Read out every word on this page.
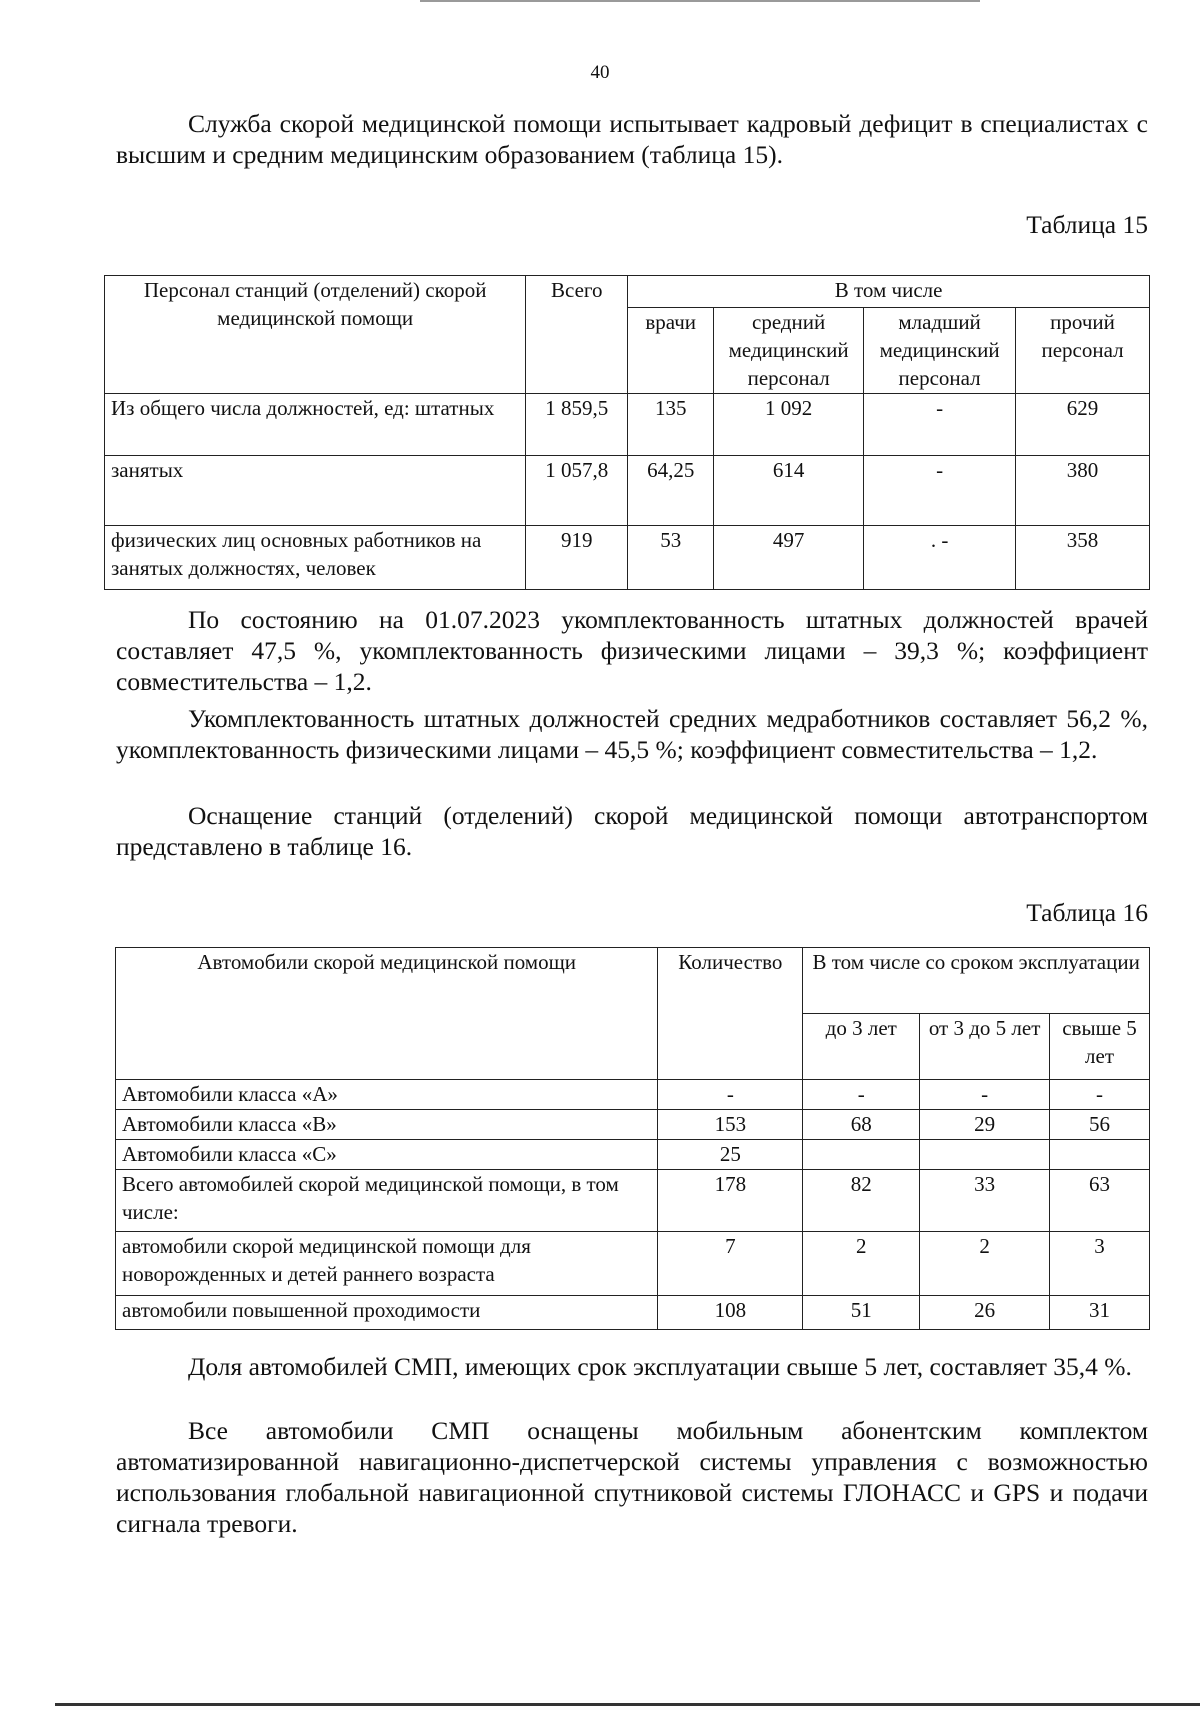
40

Служба скорой медицинской помощи испытывает кадровый дефицит в специалистах с высшим и средним медицинским образованием (таблица 15).

Таблица 15
Персонал станций (отделений) скорой медицинской помощи	Всего	В том числе			
		врачи	средний медицинский персонал	младший медицинский персонал	прочий персонал
Из общего числа должностей, ед: штатных	1 859,5	135	1 092	-	629
занятых	1 057,8	64,25	614	-	380
физических лиц основных работников на занятых должностях, человек	919	53	497	. -	358

По состоянию на 01.07.2023 укомплектованность штатных должностей врачей составляет 47,5 %, укомплектованность физическими лицами – 39,3 %; коэффициент совместительства – 1,2.

Укомплектованность штатных должностей средних медработников составляет 56,2 %, укомплектованность физическими лицами – 45,5 %; коэффициент совместительства – 1,2.

Оснащение станций (отделений) скорой медицинской помощи автотранспортом представлено в таблице 16.

Таблица 16
Автомобили скорой медицинской помощи	Количество	В том числе со сроком эксплуатации		
		до 3 лет	от 3 до 5 лет	свыше 5 лет
Автомобили класса «А»	-	-	-	-
Автомобили класса «В»	153	68	29	56
Автомобили класса «С»	25			
Всего автомобилей скорой медицинской помощи, в том числе:	178	82	33	63
автомобили скорой медицинской помощи для новорожденных и детей раннего возраста	7	2	2	3
автомобили повышенной проходимости	108	51	26	31

Доля автомобилей СМП, имеющих срок эксплуатации свыше 5 лет, составляет 35,4 %.

Все автомобили СМП оснащены мобильным абонентским комплектом автоматизированной навигационно-диспетчерской системы управления с возможностью использования глобальной навигационной спутниковой системы ГЛОНАСС и GPS и подачи сигнала тревоги.
